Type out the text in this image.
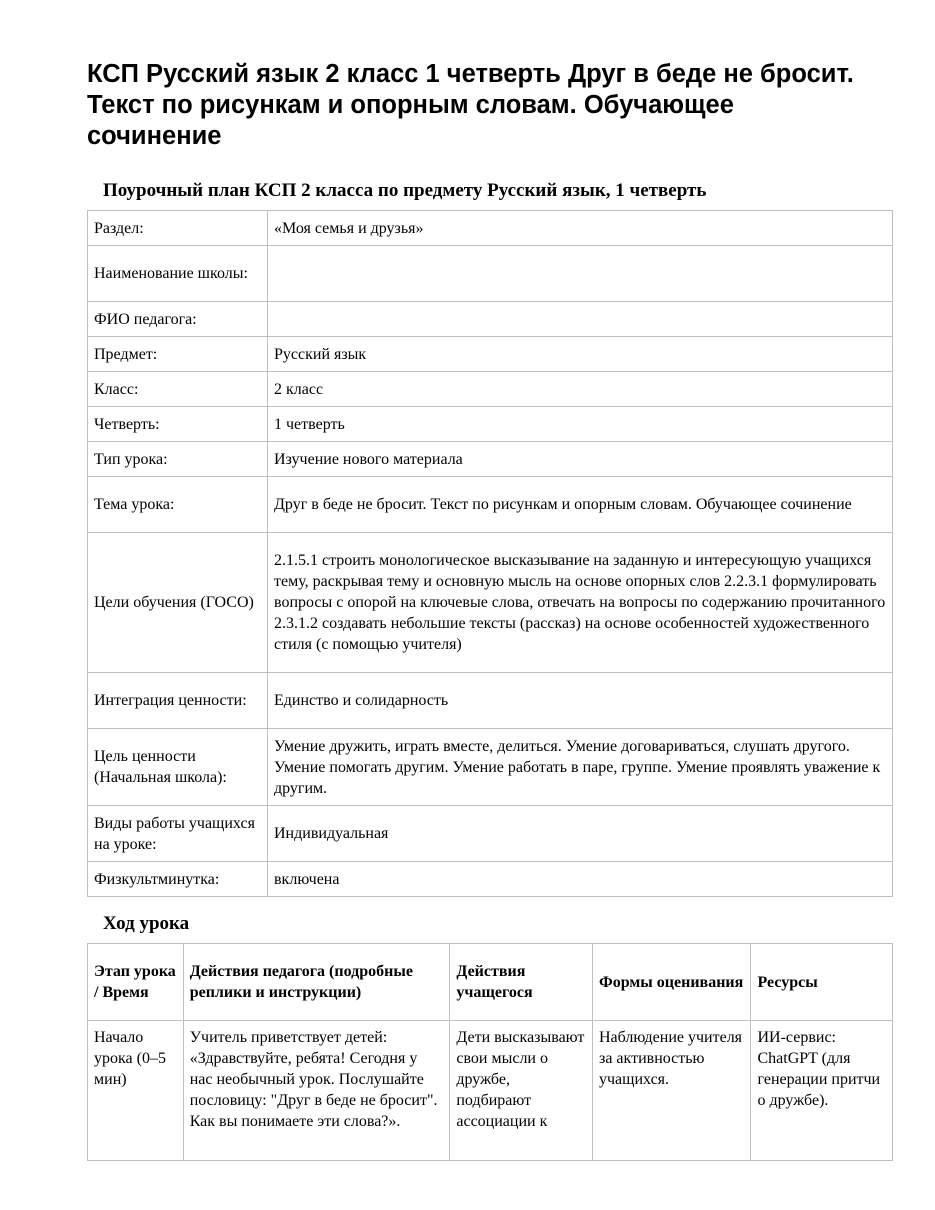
КСП Русский язык 2 класс 1 четверть Друг в беде не бросит. Текст по рисункам и опорным словам. Обучающее сочинение
Поурочный план КСП 2 класса по предмету Русский язык, 1 четверть
Раздел:	«Моя семья и друзья»
Наименование школы:	
ФИО педагога:	
Предмет:	Русский язык
Класс:	2 класс
Четверть:	1 четверть
Тип урока:	Изучение нового материала
Тема урока:	Друг в беде не бросит. Текст по рисункам и опорным словам. Обучающее сочинение
Цели обучения (ГОСО)	2.1.5.1 строить монологическое высказывание на заданную и интересующую учащихся тему, раскрывая тему и основную мысль на основе опорных слов 2.2.3.1 формулировать вопросы с опорой на ключевые слова, отвечать на вопросы по содержанию прочитанного 2.3.1.2 создавать небольшие тексты (рассказ) на основе особенностей художественного стиля (с помощью учителя)
Интеграция ценности:	Единство и солидарность
Цель ценности (Начальная школа):	Умение дружить, играть вместе, делиться. Умение договариваться, слушать другого. Умение помогать другим. Умение работать в паре, группе. Умение проявлять уважение к другим.
Виды работы учащихся на уроке:	Индивидуальная
Физкультминутка:	включена
Ход урока
Этап урока / Время	Действия педагога (подробные реплики и инструкции)	Действия учащегося	Формы оценивания	Ресурсы
Начало урока (0–5 мин)	Учитель приветствует детей: «Здравствуйте, ребята! Сегодня у нас необычный урок. Послушайте пословицу: "Друг в беде не бросит". Как вы понимаете эти слова?».	Дети высказывают свои мысли о дружбе, подбирают ассоциации к	Наблюдение учителя за активностью учащихся.	ИИ-сервис: ChatGPT (для генерации притчи о дружбе).
